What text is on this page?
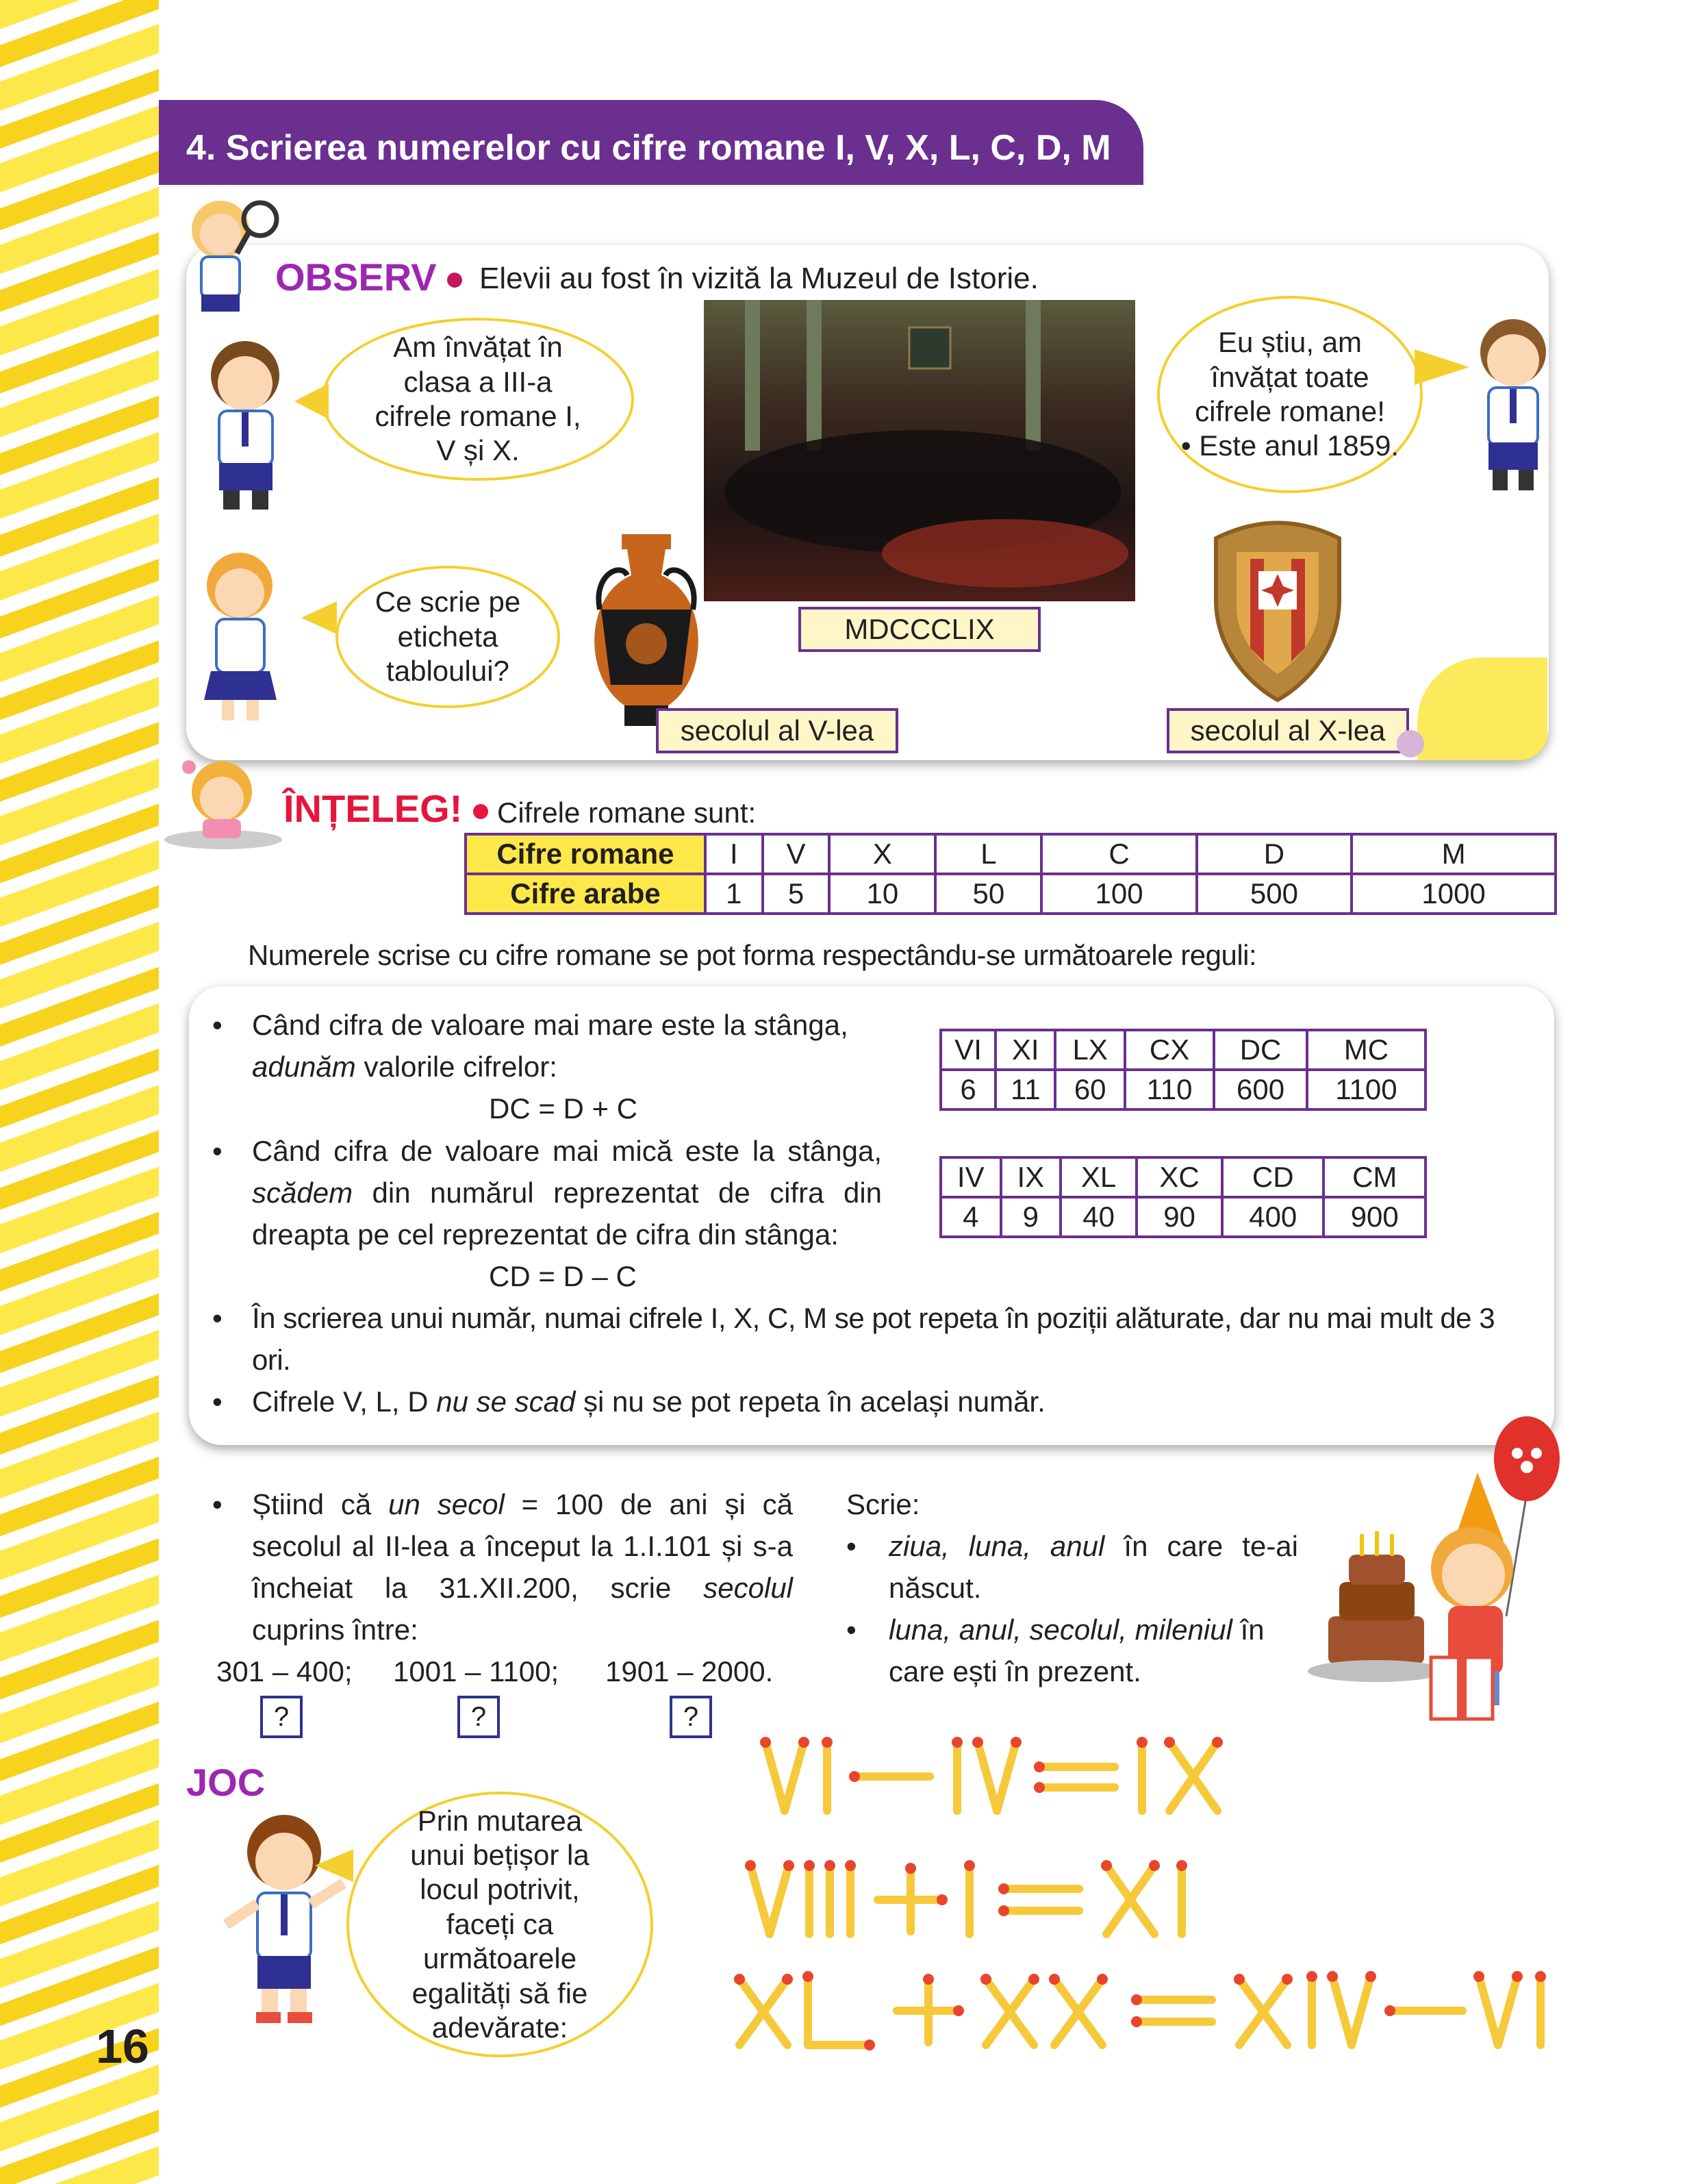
4. Scrierea numerelor cu cifre romane I, V, X, L, C, D, M
OBSERV	Elevii au fost în vizită la Muzeul de Istorie.
Am învățat în clasa a III-a cifrele romane I, V și X.
Ce scrie pe eticheta tabloului?
MDCCCLIX
secolul al V-lea
Eu știu, am învățat toate cifrele romane!
• Este anul 1859.
secolul al X-lea
ÎNȚELEG!	Cifrele romane sunt:
Cifre romane	I	V	X	L	C	D	M
Cifre arabe	1	5	10	50	100	500	1000
Numerele scrise cu cifre romane se pot forma respectându-se următoarele reguli:
•	Când cifra de valoare mai mare este la stânga, adunăm valorile cifrelor:
DC = D + C
•	Când cifra de valoare mai mică este la stânga, scădem din numărul reprezentat de cifra din dreapta pe cel reprezentat de cifra din stânga:
CD = D – C
•	În scrierea unui număr, numai cifrele I, X, C, M se pot repeta în poziții alăturate, dar nu mai mult de 3 ori.
•	Cifrele V, L, D nu se scad și nu se pot repeta în același număr.
VI	XI	LX	CX	DC	MC
6	11	60	110	600	1100
IV	IX	XL	XC	CD	CM
4	9	40	90	400	900
•	Știind că un secol = 100 de ani și că secolul al II-lea a început la 1.I.101 și s-a încheiat la 31.XII.200, scrie secolul cuprins între:
301 – 400; 1001 – 1100; 1901 – 2000.
?	?	?
Scrie:
•	ziua, luna, anul în care te-ai născut.
•	luna, anul, secolul, mileniul în care ești în prezent.
JOC
Prin mutarea unui bețișor la locul potrivit, faceți ca următoarele egalități să fie adevărate:
16
